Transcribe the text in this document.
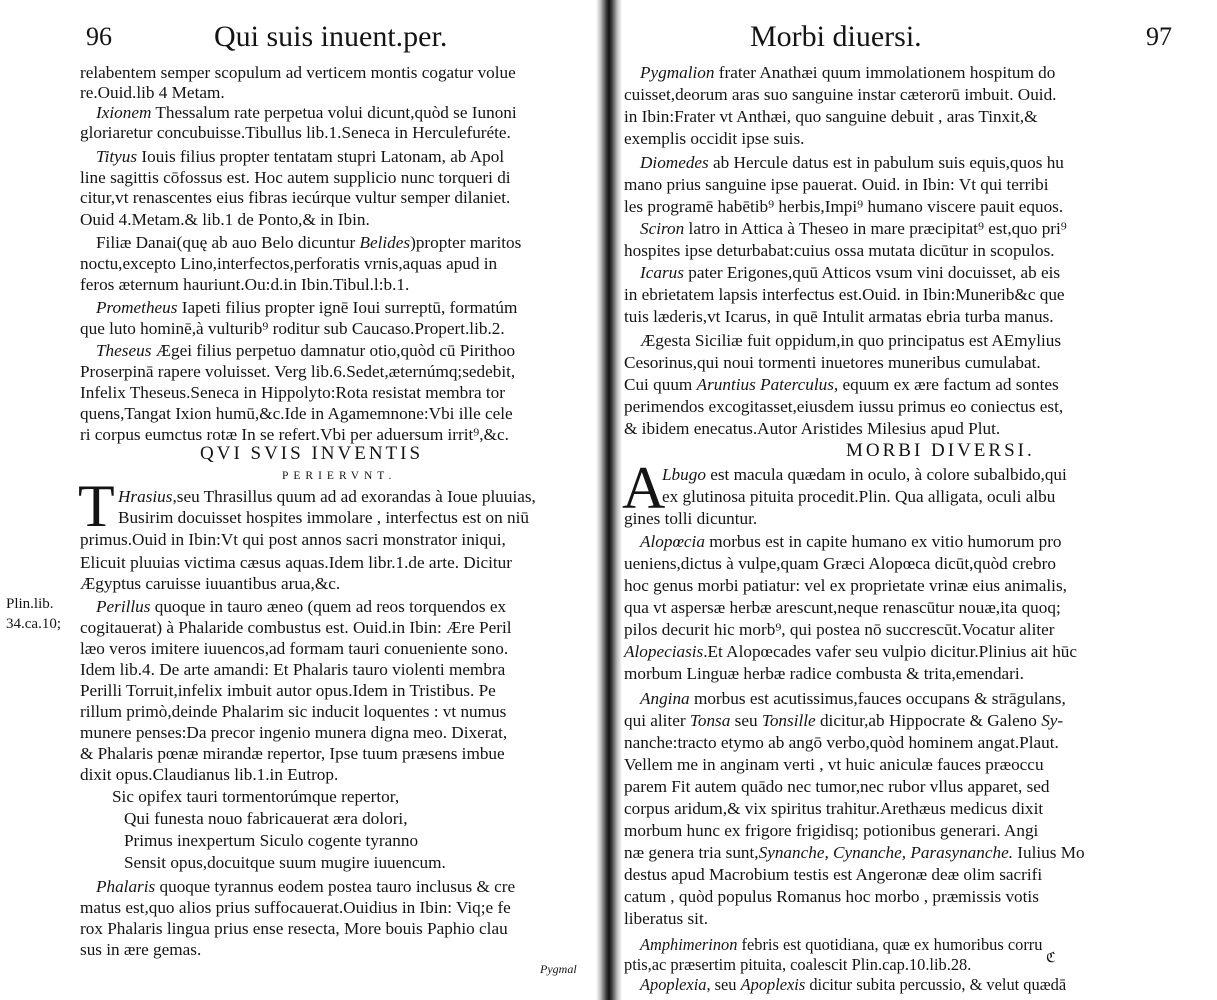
96	Qui suis inuent.per.
relabentem semper scopulum ad verticem montis cogatur volue
re.Ouid.lib 4 Metam.
Ixionem Thessalum rate perpetua volui dicunt,quòd se Iunoni
gloriaretur concubuisse.Tibullus lib.1.Seneca in Herculefuréte.
Tityus Iouis filius propter tentatam stupri Latonam, ab Apol
line sagittis cōfossus est. Hoc autem supplicio nunc torqueri di
citur,vt renascentes eius fibras iecúrque vultur semper dilaniet.
Ouid 4.Metam.& lib.1 de Ponto,& in Ibin.
Filiæ Danai(quę ab auo Belo dicuntur Belides)propter maritos
noctu,excepto Lino,interfectos,perforatis vrnis,aquas apud in
feros æternum hauriunt.Ou:d.in Ibin.Tibul.l:b.1.
Prometheus Iapeti filius propter ignē Ioui surreptū, formatúm
que luto hominē,à vulturib⁹ roditur sub Caucaso.Propert.lib.2.
Theseus Ægei filius perpetuo damnatur otio,quòd cū Pirithoo
Proserpinā rapere voluisset. Verg lib.6.Sedet,æternúmq;sedebit,
Infelix Theseus.Seneca in Hippolyto:Rota resistat membra tor
quens,Tangat Ixion humū,&c.Ide in Agamemnone:Vbi ille cele
ri corpus eumctus rotæ In se refert.Vbi per aduersum irrit⁹,&c.
QVI SVIS INVENTIS
PERIERVNT.
T Hrasius,seu Thrasillus quum ad ad exorandas à Ioue pluuias,
Busirim docuisset hospites immolare , interfectus est on niū
primus.Ouid in Ibin:Vt qui post annos sacri monstrator iniqui,
Elicuit pluuias victima cæsus aquas.Idem libr.1.de arte. Dicitur
Ægyptus caruisse iuuantibus arua,&c.
Plin.lib.
34.ca.10;
Perillus quoque in tauro æneo (quem ad reos torquendos ex
cogitauerat) à Phalaride combustus est. Ouid.in Ibin: Ære Peril
læo veros imitere iuuencos,ad formam tauri conueniente sono.
Idem lib.4. De arte amandi: Et Phalaris tauro violenti membra
Perilli Torruit,infelix imbuit autor opus.Idem in Tristibus. Pe
rillum primò,deinde Phalarim sic inducit loquentes : vt numus
munere penses:Da precor ingenio munera digna meo. Dixerat,
& Phalaris pœnæ mirandæ repertor, Ipse tuum præsens imbue
dixit opus.Claudianus lib.1.in Eutrop.
Sic opifex tauri tormentorúmque repertor,
Qui funesta nouo fabricauerat æra dolori,
Primus inexpertum Siculo cogente tyranno
Sensit opus,docuitque suum mugire iuuencum.
Phalaris quoque tyrannus eodem postea tauro inclusus & cre
matus est,quo alios prius suffocauerat.Ouidius in Ibin: Viq;e fe
rox Phalaris lingua prius ense resecta, More bouis Paphio clau
sus in ære gemas.
Pygmal
Morbi diuersi.	97
Pygmalion frater Anathæi quum immolationem hospitum do
cuisset,deorum aras suo sanguine instar cæterorū imbuit. Ouid.
in Ibin:Frater vt Anthæi, quo sanguine debuit , aras Tinxit,&
exemplis occidit ipse suis.
Diomedes ab Hercule datus est in pabulum suis equis,quos hu
mano prius sanguine ipse pauerat. Ouid. in Ibin: Vt qui terribi
les programē habētib⁹ herbis,Impi⁹ humano viscere pauit equos.
Sciron latro in Attica à Theseo in mare præcipitat⁹ est,quo pri⁹
hospites ipse deturbabat:cuius ossa mutata dicūtur in scopulos.
Icarus pater Erigones,quū Atticos vsum vini docuisset, ab eis
in ebrietatem lapsis interfectus est.Ouid. in Ibin:Munerib&c que
tuis læderis,vt Icarus, in quē Intulit armatas ebria turba manus.
Ægesta Siciliæ fuit oppidum,in quo principatus est AEmylius
Cesorinus,qui noui tormenti inuetores muneribus cumulabat.
Cui quum Aruntius Paterculus, equum ex ære factum ad sontes
perimendos excogitasset,eiusdem iussu primus eo coniectus est,
& ibidem enecatus.Autor Aristides Milesius apud Plut.
MORBI DIVERSI.
A
Lbugo est macula quædam in oculo, à colore subalbido,qui
ex glutinosa pituita procedit.Plin. Qua alligata, oculi albu
gines tolli dicuntur.
Alopœcia morbus est in capite humano ex vitio humorum pro
ueniens,dictus à vulpe,quam Græci Alopœca dicūt,quòd crebro
hoc genus morbi patiatur: vel ex proprietate vrinæ eius animalis,
qua vt aspersæ herbæ arescunt,neque renascūtur nouæ,ita quoq;
pilos decurit hic morb⁹, qui postea nō succrescūt.Vocatur aliter
Alopeciasis.Et Alopœcades vafer seu vulpio dicitur.Plinius ait hūc
morbum Linguæ herbæ radice combusta & trita,emendari.
Angina morbus est acutissimus,fauces occupans & strāgulans,
qui aliter Tonsa seu Tonsille dicitur,ab Hippocrate & Galeno Sy-
nanche:tracto etymo ab angō verbo,quòd hominem angat.Plaut.
Vellem me in anginam verti , vt huic aniculæ fauces præoccu
parem Fit autem quādo nec tumor,nec rubor vllus apparet, sed
corpus aridum,& vix spiritus trahitur.Arethæus medicus dixit
morbum hunc ex frigore frigidisq; potionibus generari. Angi
næ genera tria sunt,Synanche, Cynanche, Parasynanche. Iulius Mo
destus apud Macrobium testis est Angeronæ deæ olim sacrifi
catum , quòd populus Romanus hoc morbo , præmissis votis
liberatus sit.
Amphimerinon febris est quotidiana, quæ ex humoribus corru
ptis,ac præsertim pituita, coalescit Plin.cap.10.lib.28.
Apoplexia, seu Apoplexis dicitur subita percussio, & velut quædā
ℭ
